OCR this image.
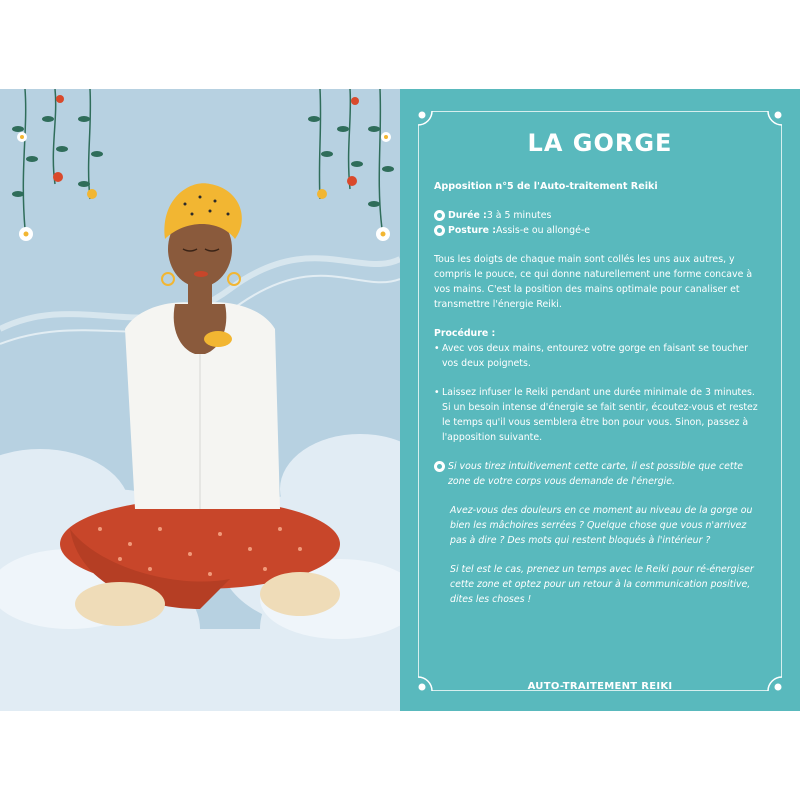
LA GORGE

Apposition n°5 de l'Auto-traitement Reiki

Durée : 3 à 5 minutes

Posture : Assis-e ou allongé-e

Tous les doigts de chaque main sont collés les uns aux autres, y compris le pouce, ce qui donne naturellement une forme concave à vos mains. C'est la position des mains optimale pour canaliser et transmettre l'énergie Reiki.

Procédure :

• Avec vos deux mains, entourez votre gorge en faisant se toucher vos deux poignets.

• Laissez infuser le Reiki pendant une durée minimale de 3 minutes. Si un besoin intense d'énergie se fait sentir, écoutez-vous et restez le temps qu'il vous semblera être bon pour vous. Sinon, passez à l'apposition suivante.

Si vous tirez intuitivement cette carte, il est possible que cette zone de votre corps vous demande de l'énergie.

Avez-vous des douleurs en ce moment au niveau de la gorge ou bien les mâchoires serrées ? Quelque chose que vous n'arrivez pas à dire ? Des mots qui restent bloqués à l'intérieur ?

Si tel est le cas, prenez un temps avec le Reiki pour ré-énergiser cette zone et optez pour un retour à la communication positive, dites les choses !

AUTO-TRAITEMENT REIKI
